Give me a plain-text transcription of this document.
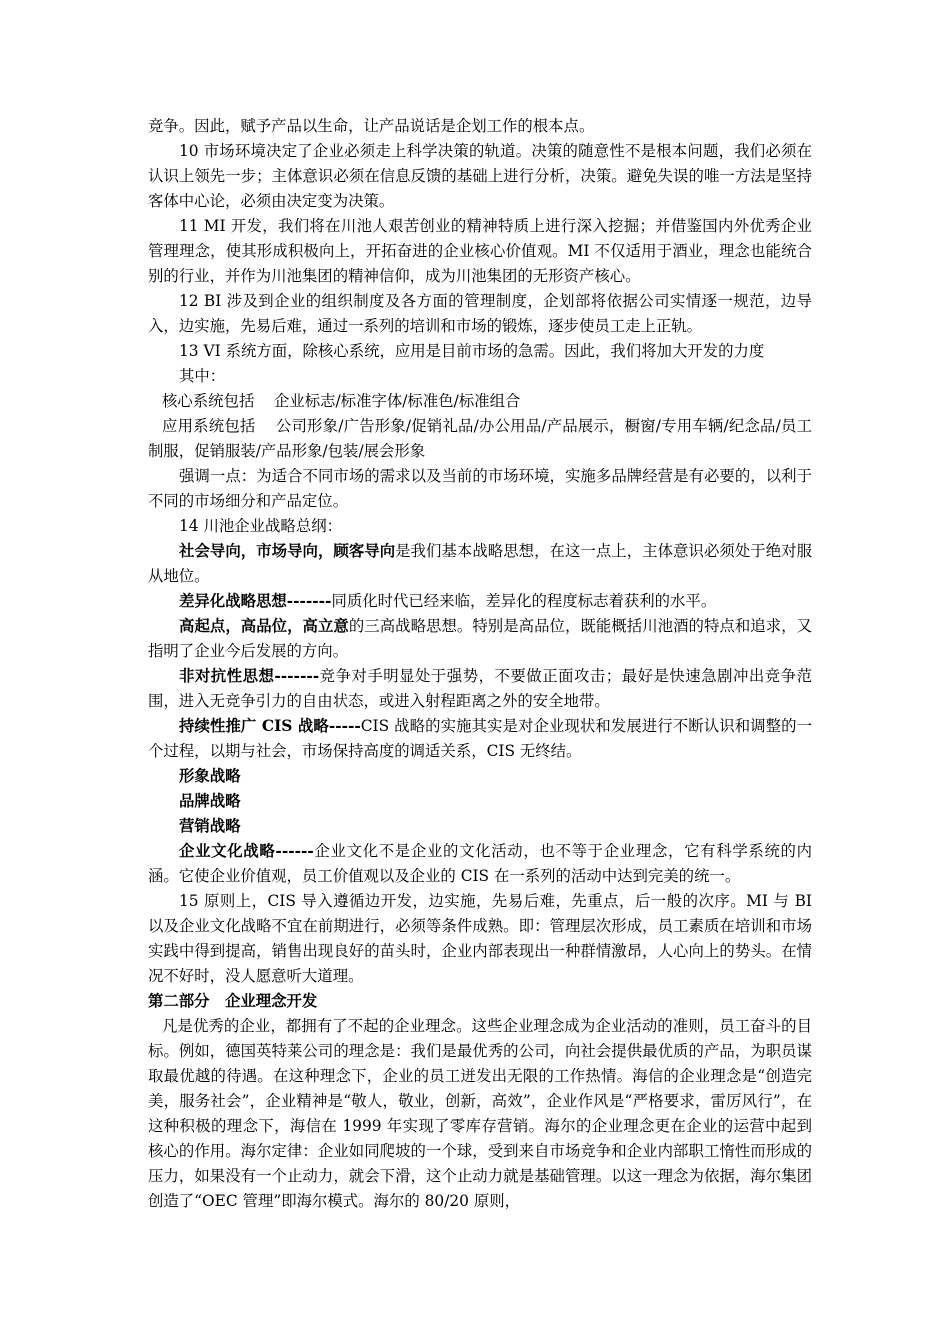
竞争。因此，赋予产品以生命，让产品说话是企划工作的根本点。

10 市场环境决定了企业必须走上科学决策的轨道。决策的随意性不是根本问题，我们必须在认识上领先一步；主体意识必须在信息反馈的基础上进行分析，决策。避免失误的唯一方法是坚持客体中心论，必须由决定变为决策。

11 MI 开发，我们将在川池人艰苦创业的精神特质上进行深入挖掘；并借鉴国内外优秀企业管理理念，使其形成积极向上，开拓奋进的企业核心价值观。MI 不仅适用于酒业，理念也能统合别的行业，并作为川池集团的精神信仰，成为川池集团的无形资产核心。

12 BI 涉及到企业的组织制度及各方面的管理制度，企划部将依据公司实情逐一规范，边导入，边实施，先易后难，通过一系列的培训和市场的锻炼，逐步使员工走上正轨。

13 VI 系统方面，除核心系统，应用是目前市场的急需。因此，我们将加大开发的力度

其中：

核心系统包括 企业标志/标准字体/标准色/标准组合

应用系统包括 公司形象/广告形象/促销礼品/办公用品/产品展示，橱窗/专用车辆/纪念品/员工制服，促销服装/产品形象/包装/展会形象

强调一点：为适合不同市场的需求以及当前的市场环境，实施多品牌经营是有必要的，以利于不同的市场细分和产品定位。

14 川池企业战略总纲：

社会导向，市场导向，顾客导向是我们基本战略思想，在这一点上，主体意识必须处于绝对服从地位。

差异化战略思想-------同质化时代已经来临，差异化的程度标志着获利的水平。

高起点，高品位，高立意的三高战略思想。特别是高品位，既能概括川池酒的特点和追求，又指明了企业今后发展的方向。

非对抗性思想-------竞争对手明显处于强势，不要做正面攻击；最好是快速急剧冲出竞争范围，进入无竞争引力的自由状态，或进入射程距离之外的安全地带。

持续性推广 CIS 战略-----CIS 战略的实施其实是对企业现状和发展进行不断认识和调整的一个过程，以期与社会，市场保持高度的调适关系，CIS 无终结。

形象战略

品牌战略

营销战略

企业文化战略------企业文化不是企业的文化活动，也不等于企业理念，它有科学系统的内涵。它使企业价值观，员工价值观以及企业的 CIS 在一系列的活动中达到完美的统一。

15 原则上，CIS 导入遵循边开发，边实施，先易后难，先重点，后一般的次序。MI 与 BI 以及企业文化战略不宜在前期进行，必须等条件成熟。即：管理层次形成，员工素质在培训和市场实践中得到提高，销售出现良好的苗头时，企业内部表现出一种群情激昂，人心向上的势头。在情况不好时，没人愿意听大道理。

第二部分　企业理念开发

凡是优秀的企业，都拥有了不起的企业理念。这些企业理念成为企业活动的准则，员工奋斗的目标。例如，德国英特莱公司的理念是：我们是最优秀的公司，向社会提供最优质的产品，为职员谋取最优越的待遇。在这种理念下，企业的员工迸发出无限的工作热情。海信的企业理念是“创造完美，服务社会”，企业精神是“敬人，敬业，创新，高效”，企业作风是“严格要求，雷厉风行”，在这种积极的理念下，海信在 1999 年实现了零库存营销。海尔的企业理念更在企业的运营中起到核心的作用。海尔定律：企业如同爬坡的一个球，受到来自市场竞争和企业内部职工惰性而形成的压力，如果没有一个止动力，就会下滑，这个止动力就是基础管理。以这一理念为依据，海尔集团创造了“OEC 管理”即海尔模式。海尔的 80/20 原则，
